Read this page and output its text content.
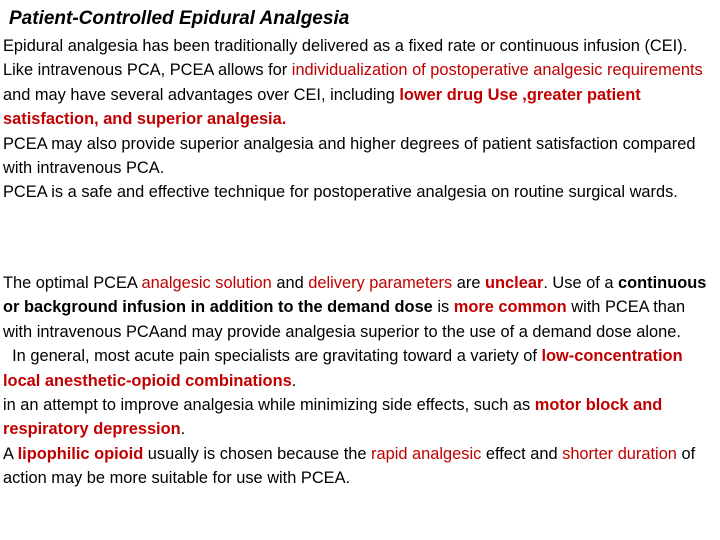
Patient-Controlled Epidural Analgesia

Epidural analgesia has been traditionally delivered as a fixed rate or continuous infusion (CEI).
Like intravenous PCA, PCEA allows for individualization of postoperative analgesic requirements and may have several advantages over CEI, including lower drug Use ,greater patient satisfaction, and superior analgesia.
PCEA may also provide superior analgesia and higher degrees of patient satisfaction compared with intravenous PCA.
PCEA is a safe and effective technique for postoperative analgesia on routine surgical wards.

The optimal PCEA analgesic solution and delivery parameters are unclear. Use of a continuous or background infusion in addition to the demand dose is more common with PCEA than with intravenous PCAand may provide analgesia superior to the use of a demand dose alone.
In general, most acute pain specialists are gravitating toward a variety of low-concentration local anesthetic-opioid combinations.
in an attempt to improve analgesia while minimizing side effects, such as motor block and respiratory depression.
A lipophilic opioid usually is chosen because the rapid analgesic effect and shorter duration of action may be more suitable for use with PCEA.
